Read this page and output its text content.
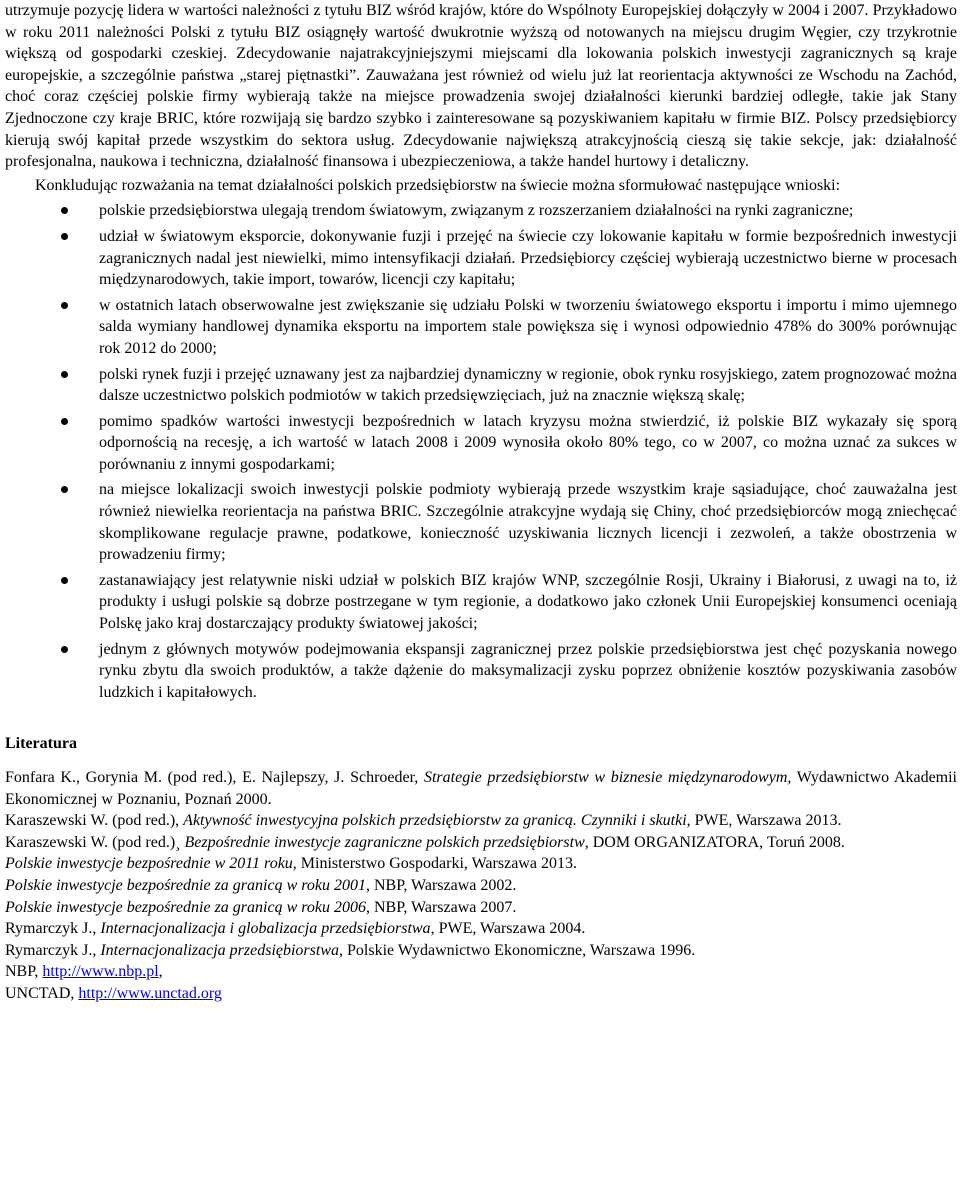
utrzymuje pozycję lidera w wartości należności z tytułu BIZ wśród krajów, które do Wspólnoty Europejskiej dołączyły w 2004 i 2007. Przykładowo w roku 2011 należności Polski z tytułu BIZ osiągnęły wartość dwukrotnie wyższą od notowanych na miejscu drugim Węgier, czy trzykrotnie większą od gospodarki czeskiej. Zdecydowanie najatrakcyjniejszymi miejscami dla lokowania polskich inwestycji zagranicznych są kraje europejskie, a szczególnie państwa „starej piętnastki”. Zauważana jest również od wielu już lat reorientacja aktywności ze Wschodu na Zachód, choć coraz częściej polskie firmy wybierają także na miejsce prowadzenia swojej działalności kierunki bardziej odległe, takie jak Stany Zjednoczone czy kraje BRIC, które rozwijają się bardzo szybko i zainteresowane są pozyskiwaniem kapitału w firmie BIZ. Polscy przedsiębiorcy kierują swój kapitał przede wszystkim do sektora usług. Zdecydowanie największą atrakcyjnością cieszą się takie sekcje, jak: działalność profesjonalna, naukowa i techniczna, działalność finansowa i ubezpieczeniowa, a także handel hurtowy i detaliczny.

Konkludując rozważania na temat działalności polskich przedsiębiorstw na świecie można sformułować następujące wnioski:

polskie przedsiębiorstwa ulegają trendom światowym, związanym z rozszerzaniem działalności na rynki zagraniczne;
udział w światowym eksporcie, dokonywanie fuzji i przejęć na świecie czy lokowanie kapitału w formie bezpośrednich inwestycji zagranicznych nadal jest niewielki, mimo intensyfikacji działań. Przedsiębiorcy częściej wybierają uczestnictwo bierne w procesach międzynarodowych, takie import, towarów, licencji czy kapitału;
w ostatnich latach obserwowalne jest zwiększanie się udziału Polski w tworzeniu światowego eksportu i importu i mimo ujemnego salda wymiany handlowej dynamika eksportu na importem stale powiększa się i wynosi odpowiednio 478% do 300% porównując rok 2012 do 2000;
polski rynek fuzji i przejęć uznawany jest za najbardziej dynamiczny w regionie, obok rynku rosyjskiego, zatem prognozować można dalsze uczestnictwo polskich podmiotów w takich przedsięwzięciach, już na znacznie większą skalę;
pomimo spadków wartości inwestycji bezpośrednich w latach kryzysu można stwierdzić, iż polskie BIZ wykazały się sporą odpornością na recesję, a ich wartość w latach 2008 i 2009 wynosiła około 80% tego, co w 2007, co można uznać za sukces w porównaniu z innymi gospodarkami;
na miejsce lokalizacji swoich inwestycji polskie podmioty wybierają przede wszystkim kraje sąsiadujące, choć zauważalna jest również niewielka reorientacja na państwa BRIC. Szczególnie atrakcyjne wydają się Chiny, choć przedsiębiorców mogą zniechęcać skomplikowane regulacje prawne, podatkowe, konieczność uzyskiwania licznych licencji i zezwoleń, a także obostrzenia w prowadzeniu firmy;
zastanawiający jest relatywnie niski udział w polskich BIZ krajów WNP, szczególnie Rosji, Ukrainy i Białorusi, z uwagi na to, iż produkty i usługi polskie są dobrze postrzegane w tym regionie, a dodatkowo jako członek Unii Europejskiej konsumenci oceniają Polskę jako kraj dostarczający produkty światowej jakości;
jednym z głównych motywów podejmowania ekspansji zagranicznej przez polskie przedsiębiorstwa jest chęć pozyskania nowego rynku zbytu dla swoich produktów, a także dążenie do maksymalizacji zysku poprzez obniżenie kosztów pozyskiwania zasobów ludzkich i kapitałowych.
Literatura

Fonfara K., Gorynia M. (pod red.), E. Najlepszy, J. Schroeder, Strategie przedsiębiorstw w biznesie międzynarodowym, Wydawnictwo Akademii Ekonomicznej w Poznaniu, Poznań 2000.

Karaszewski W. (pod red.), Aktywność inwestycyjna polskich przedsiębiorstw za granicą. Czynniki i skutki, PWE, Warszawa 2013.

Karaszewski W. (pod red.)¸ Bezpośrednie inwestycje zagraniczne polskich przedsiębiorstw, DOM ORGANIZATORA, Toruń 2008.

Polskie inwestycje bezpośrednie w 2011 roku, Ministerstwo Gospodarki, Warszawa 2013.

Polskie inwestycje bezpośrednie za granicą w roku 2001, NBP, Warszawa 2002.

Polskie inwestycje bezpośrednie za granicą w roku 2006, NBP, Warszawa 2007.

Rymarczyk J., Internacjonalizacja i globalizacja przedsiębiorstwa, PWE, Warszawa 2004.

Rymarczyk J., Internacjonalizacja przedsiębiorstwa, Polskie Wydawnictwo Ekonomiczne, Warszawa 1996.

NBP, http://www.nbp.pl,

UNCTAD, http://www.unctad.org
